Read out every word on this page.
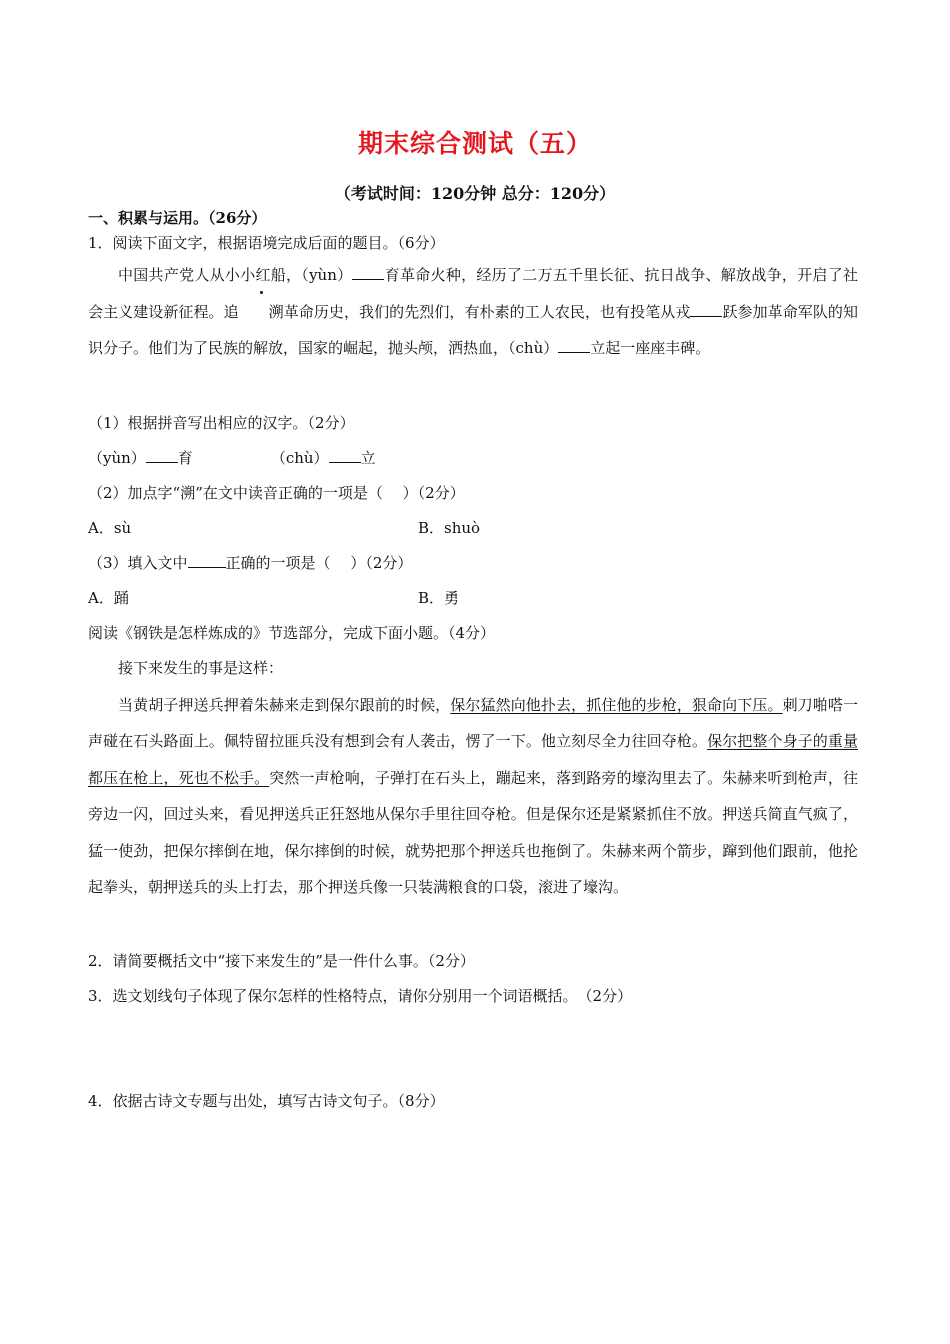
期末综合测试（五）
（考试时间：120分钟 总分：120分）
一、积累与运用。（26分）
1．阅读下面文字，根据语境完成后面的题目。（6分）

中国共产党人从小小红船，（yùn） 育革命火种，经历了二万五千里长征、抗日战争、解放战争，开启了社会主义建设新征程。追 溯革命历史，我们的先烈们，有朴素的工人农民，也有投笔从戎 跃参加革命军队的知识分子。他们为了民族的解放，国家的崛起，抛头颅，洒热血，（chù） 立起一座座丰碑。

（1）根据拼音写出相应的汉字。（2分）
（yùn） 育	（chù） 立
（2）加点字“溯”在文中读音正确的一项是（　 ）（2分）
A．sù	B．shuò
（3）填入文中	正确的一项是（　 ）（2分）
A．踊	B．勇
阅读《钢铁是怎样炼成的》节选部分，完成下面小题。（4分）

接下来发生的事是这样：

当黄胡子押送兵押着朱赫来走到保尔跟前的时候，保尔猛然向他扑去，抓住他的步枪，狠命向下压。刺刀啪嗒一声碰在石头路面上。佩特留拉匪兵没有想到会有人袭击，愣了一下。他立刻尽全力往回夺枪。保尔把整个身子的重量都压在枪上，死也不松手。突然一声枪响，子弹打在石头上，蹦起来，落到路旁的壕沟里去了。朱赫来听到枪声，往旁边一闪，回过头来，看见押送兵正狂怒地从保尔手里往回夺枪。但是保尔还是紧紧抓住不放。押送兵简直气疯了，猛一使劲，把保尔摔倒在地，保尔摔倒的时候，就势把那个押送兵也拖倒了。朱赫来两个箭步，蹿到他们跟前，他抡起拳头，朝押送兵的头上打去，那个押送兵像一只装满粮食的口袋，滚进了壕沟。

2．请简要概括文中“接下来发生的”是一件什么事。（2分）
3．选文划线句子体现了保尔怎样的性格特点，请你分别用一个词语概括。　（2分）
4．依据古诗文专题与出处，填写古诗文句子。（8分）
